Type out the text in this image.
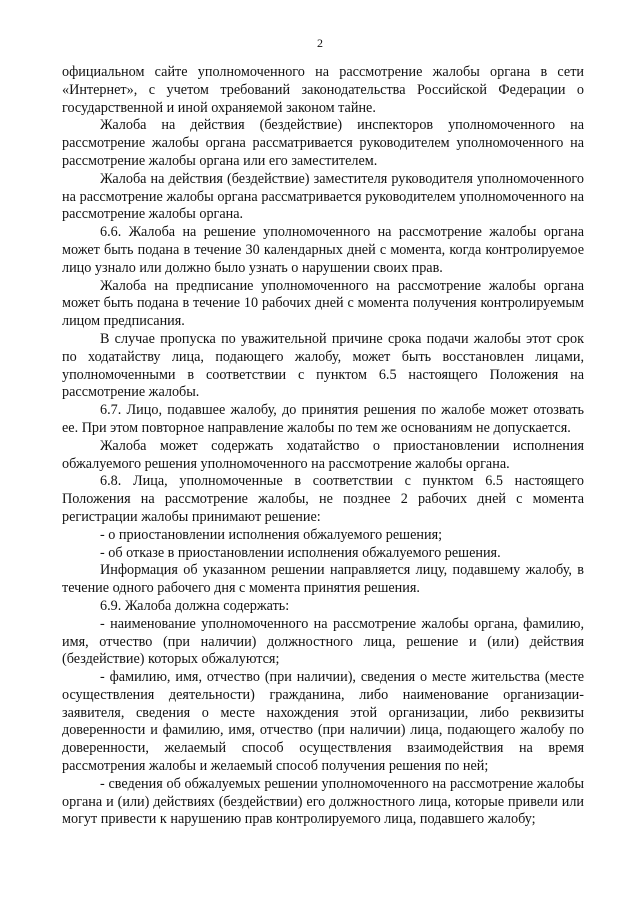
2

официальном сайте уполномоченного на рассмотрение жалобы органа в сети «Интернет», с учетом требований законодательства Российской Федерации о государственной и иной охраняемой законом тайне.

Жалоба на действия (бездействие) инспекторов уполномоченного на рассмотрение жалобы органа рассматривается руководителем уполномоченного на рассмотрение жалобы органа или его заместителем.

Жалоба на действия (бездействие) заместителя руководителя уполномоченного на рассмотрение жалобы органа рассматривается руководителем уполномоченного на рассмотрение жалобы органа.

6.6. Жалоба на решение уполномоченного на рассмотрение жалобы органа может быть подана в течение 30 календарных дней с момента, когда контролируемое лицо узнало или должно было узнать о нарушении своих прав.

Жалоба на предписание уполномоченного на рассмотрение жалобы органа может быть подана в течение 10 рабочих дней с момента получения контролируемым лицом предписания.

В случае пропуска по уважительной причине срока подачи жалобы этот срок по ходатайству лица, подающего жалобу, может быть восстановлен лицами, уполномоченными в соответствии с пунктом 6.5 настоящего Положения на рассмотрение жалобы.

6.7. Лицо, подавшее жалобу, до принятия решения по жалобе может отозвать ее. При этом повторное направление жалобы по тем же основаниям не допускается.

Жалоба может содержать ходатайство о приостановлении исполнения обжалуемого решения уполномоченного на рассмотрение жалобы органа.

6.8. Лица, уполномоченные в соответствии с пунктом 6.5 настоящего Положения на рассмотрение жалобы, не позднее 2 рабочих дней с момента регистрации жалобы принимают решение:

- о приостановлении исполнения обжалуемого решения;

- об отказе в приостановлении исполнения обжалуемого решения.

Информация об указанном решении направляется лицу, подавшему жалобу, в течение одного рабочего дня с момента принятия решения.

6.9. Жалоба должна содержать:

- наименование уполномоченного на рассмотрение жалобы органа, фамилию, имя, отчество (при наличии) должностного лица, решение и (или) действия (бездействие) которых обжалуются;

- фамилию, имя, отчество (при наличии), сведения о месте жительства (месте осуществления деятельности) гражданина, либо наименование организации-заявителя, сведения о месте нахождения этой организации, либо реквизиты доверенности и фамилию, имя, отчество (при наличии) лица, подающего жалобу по доверенности, желаемый способ осуществления взаимодействия на время рассмотрения жалобы и желаемый способ получения решения по ней;

- сведения об обжалуемых решении уполномоченного на рассмотрение жалобы органа и (или) действиях (бездействии) его должностного лица, которые привели или могут привести к нарушению прав контролируемого лица, подавшего жалобу;
